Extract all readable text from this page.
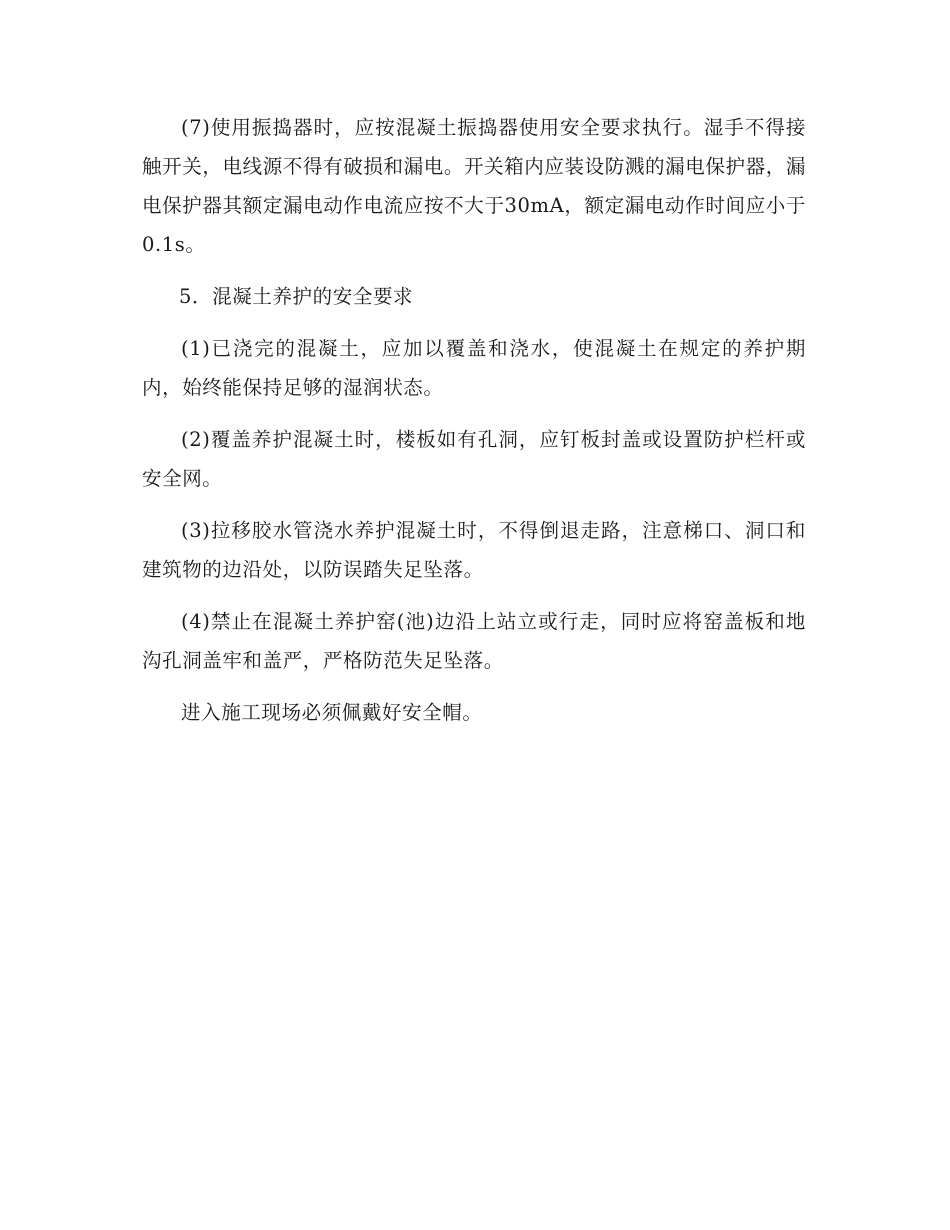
(7)使用振捣器时，应按混凝土振捣器使用安全要求执行。湿手不得接触开关，电线源不得有破损和漏电。开关箱内应装设防溅的漏电保护器，漏电保护器其额定漏电动作电流应按不大于30mA，额定漏电动作时间应小于0.1s。

5．混凝土养护的安全要求

(1)已浇完的混凝土，应加以覆盖和浇水，使混凝土在规定的养护期内，始终能保持足够的湿润状态。

(2)覆盖养护混凝土时，楼板如有孔洞，应钉板封盖或设置防护栏杆或安全网。

(3)拉移胶水管浇水养护混凝土时，不得倒退走路，注意梯口、洞口和建筑物的边沿处，以防误踏失足坠落。

(4)禁止在混凝土养护窑(池)边沿上站立或行走，同时应将窑盖板和地沟孔洞盖牢和盖严，严格防范失足坠落。

进入施工现场必须佩戴好安全帽。
